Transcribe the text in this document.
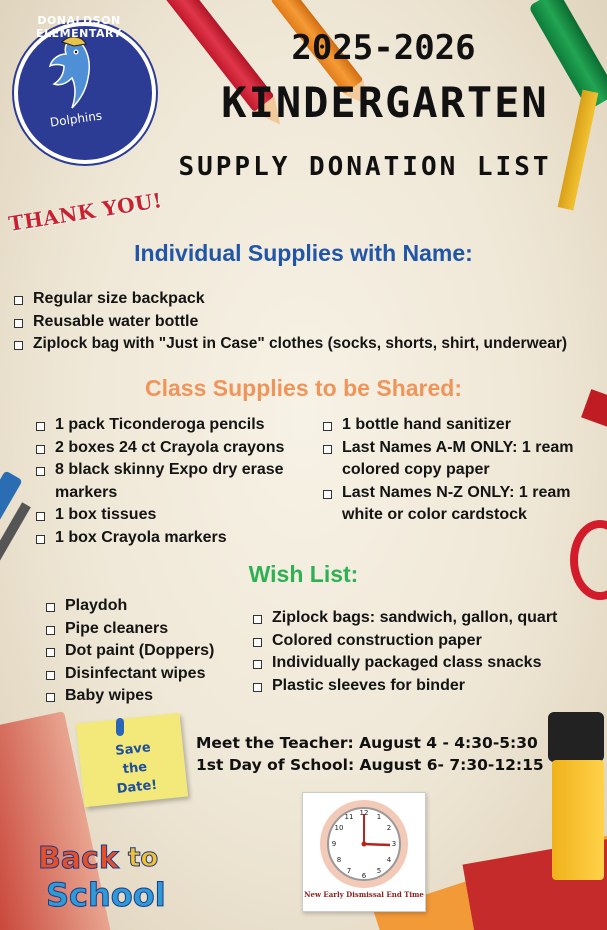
DONALDSON ELEMENTARY
Dolphins
THANK YOU!
2025-2026
KINDERGARTEN
SUPPLY DONATION LIST
Individual Supplies with Name:
Regular size backpack
Reusable water bottle
Ziplock bag with "Just in Case" clothes (socks, shorts, shirt, underwear)
Class Supplies to be Shared:
1 pack Ticonderoga pencils
2 boxes 24 ct Crayola crayons
8 black skinny Expo dry erase markers
1 box tissues
1 box Crayola markers
1 bottle hand sanitizer
Last Names A-M ONLY: 1 ream colored copy paper
Last Names N-Z ONLY: 1 ream white or color cardstock
Wish List:
Playdoh
Pipe cleaners
Dot paint (Doppers)
Disinfectant wipes
Baby wipes
Ziplock bags: sandwich, gallon, quart
Colored construction paper
Individually packaged class snacks
Plastic sleeves for binder
Save
the
Date!
Meet the Teacher: August 4 - 4:30-5:30
1st Day of School: August 6- 7:30-12:15
12 1
2
3
4
5
6
7
8
9
10
11
New Early Dismissal End Time
Back to
School
